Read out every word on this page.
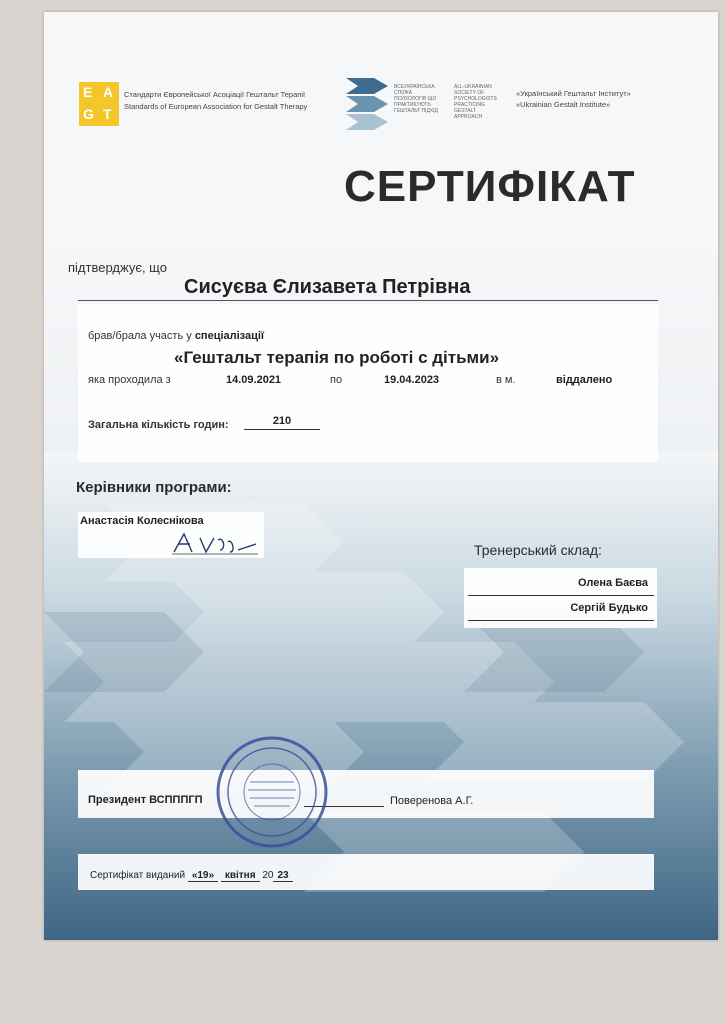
E A
G T
Стандарти Європейської Асоціації Гештальт Терапії
Standards of European Association for Gestalt Therapy
ВСЕУКРАЇНСЬКА СПІЛКА ПСИХОЛОГІВ ЩО ПРАКТИКУЮТЬ ГЕШТАЛЬТ ПІДХІД
ALL-UKRAINIAN SOCIETY OF PSYCHOLOGISTS PRACTICING GESTALT APPROACH
«Український Гештальт Інститут»
«Ukrainian Gestalt Institute»
СЕРТИФІКАТ
підтверджує, що
Сисуєва Єлизавета Петрівна
брав/брала участь у спеціалізації
«Гештальт терапія по роботі с дітьми»
яка проходила з	14.09.2021	по	19.04.2023	в м.	віддалено
Загальна кількість годин:	210
Керівники програми:
Анастасія Колеснікова
Тренерський склад:
Олена Баєва
Сергій Будько
Президент ВСПППГП	Поверенова А.Г.
Сертифікат виданий «19» квітня 20 23
